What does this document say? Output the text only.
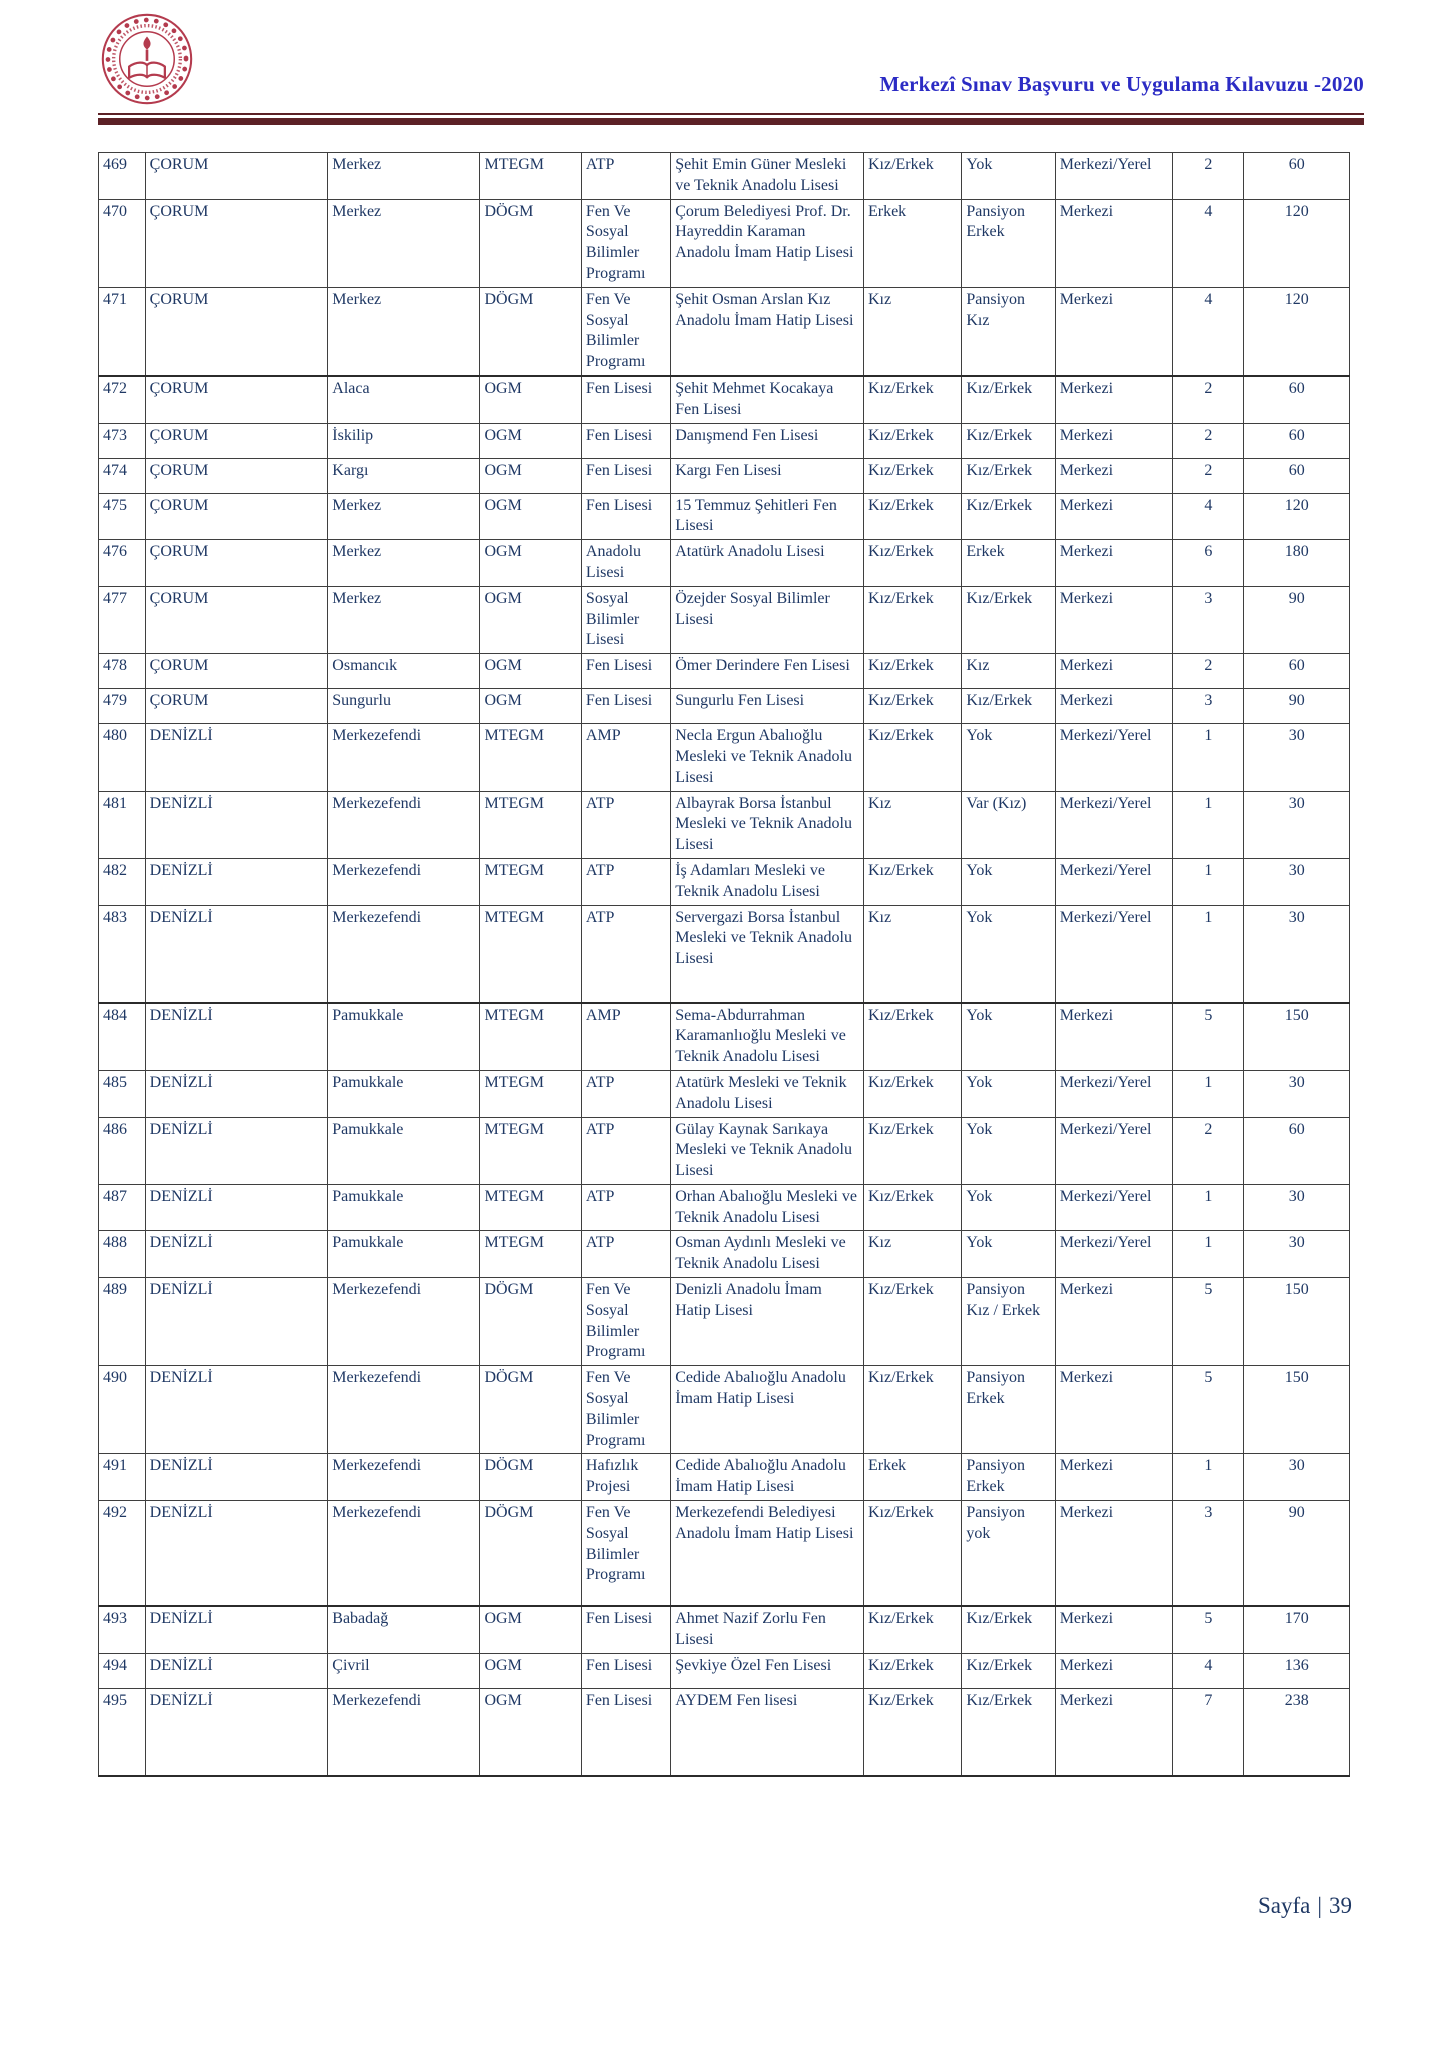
Merkezî Sınav Başvuru ve Uygulama Kılavuzu -2020
469	ÇORUM	Merkez	MTEGM	ATP	Şehit Emin Güner Mesleki ve Teknik Anadolu Lisesi	Kız/Erkek	Yok	Merkezi/Yerel	2	60
470	ÇORUM	Merkez	DÖGM	Fen Ve Sosyal Bilimler Programı	Çorum Belediyesi Prof. Dr. Hayreddin Karaman Anadolu İmam Hatip Lisesi	Erkek	Pansiyon Erkek	Merkezi	4	120
471	ÇORUM	Merkez	DÖGM	Fen Ve Sosyal Bilimler Programı	Şehit Osman Arslan Kız Anadolu İmam Hatip Lisesi	Kız	Pansiyon Kız	Merkezi	4	120
472	ÇORUM	Alaca	OGM	Fen Lisesi	Şehit Mehmet Kocakaya Fen Lisesi	Kız/Erkek	Kız/Erkek	Merkezi	2	60
473	ÇORUM	İskilip	OGM	Fen Lisesi	Danışmend Fen Lisesi	Kız/Erkek	Kız/Erkek	Merkezi	2	60
474	ÇORUM	Kargı	OGM	Fen Lisesi	Kargı Fen Lisesi	Kız/Erkek	Kız/Erkek	Merkezi	2	60
475	ÇORUM	Merkez	OGM	Fen Lisesi	15 Temmuz Şehitleri Fen Lisesi	Kız/Erkek	Kız/Erkek	Merkezi	4	120
476	ÇORUM	Merkez	OGM	Anadolu Lisesi	Atatürk Anadolu Lisesi	Kız/Erkek	Erkek	Merkezi	6	180
477	ÇORUM	Merkez	OGM	Sosyal Bilimler Lisesi	Özejder Sosyal Bilimler Lisesi	Kız/Erkek	Kız/Erkek	Merkezi	3	90
478	ÇORUM	Osmancık	OGM	Fen Lisesi	Ömer Derindere Fen Lisesi	Kız/Erkek	Kız	Merkezi	2	60
479	ÇORUM	Sungurlu	OGM	Fen Lisesi	Sungurlu Fen Lisesi	Kız/Erkek	Kız/Erkek	Merkezi	3	90
480	DENİZLİ	Merkezefendi	MTEGM	AMP	Necla Ergun Abalıoğlu Mesleki ve Teknik Anadolu Lisesi	Kız/Erkek	Yok	Merkezi/Yerel	1	30
481	DENİZLİ	Merkezefendi	MTEGM	ATP	Albayrak Borsa İstanbul Mesleki ve Teknik Anadolu Lisesi	Kız	Var (Kız)	Merkezi/Yerel	1	30
482	DENİZLİ	Merkezefendi	MTEGM	ATP	İş Adamları Mesleki ve Teknik Anadolu Lisesi	Kız/Erkek	Yok	Merkezi/Yerel	1	30
483	DENİZLİ	Merkezefendi	MTEGM	ATP	Servergazi Borsa İstanbul Mesleki ve Teknik Anadolu Lisesi	Kız	Yok	Merkezi/Yerel	1	30
484	DENİZLİ	Pamukkale	MTEGM	AMP	Sema-Abdurrahman Karamanlıoğlu Mesleki ve Teknik Anadolu Lisesi	Kız/Erkek	Yok	Merkezi	5	150
485	DENİZLİ	Pamukkale	MTEGM	ATP	Atatürk Mesleki ve Teknik Anadolu Lisesi	Kız/Erkek	Yok	Merkezi/Yerel	1	30
486	DENİZLİ	Pamukkale	MTEGM	ATP	Gülay Kaynak Sarıkaya Mesleki ve Teknik Anadolu Lisesi	Kız/Erkek	Yok	Merkezi/Yerel	2	60
487	DENİZLİ	Pamukkale	MTEGM	ATP	Orhan Abalıoğlu Mesleki ve Teknik Anadolu Lisesi	Kız/Erkek	Yok	Merkezi/Yerel	1	30
488	DENİZLİ	Pamukkale	MTEGM	ATP	Osman Aydınlı Mesleki ve Teknik Anadolu Lisesi	Kız	Yok	Merkezi/Yerel	1	30
489	DENİZLİ	Merkezefendi	DÖGM	Fen Ve Sosyal Bilimler Programı	Denizli Anadolu İmam Hatip Lisesi	Kız/Erkek	Pansiyon Kız / Erkek	Merkezi	5	150
490	DENİZLİ	Merkezefendi	DÖGM	Fen Ve Sosyal Bilimler Programı	Cedide Abalıoğlu Anadolu İmam Hatip Lisesi	Kız/Erkek	Pansiyon Erkek	Merkezi	5	150
491	DENİZLİ	Merkezefendi	DÖGM	Hafızlık Projesi	Cedide Abalıoğlu Anadolu İmam Hatip Lisesi	Erkek	Pansiyon Erkek	Merkezi	1	30
492	DENİZLİ	Merkezefendi	DÖGM	Fen Ve Sosyal Bilimler Programı	Merkezefendi Belediyesi Anadolu İmam Hatip Lisesi	Kız/Erkek	Pansiyon yok	Merkezi	3	90
493	DENİZLİ	Babadağ	OGM	Fen Lisesi	Ahmet Nazif Zorlu Fen Lisesi	Kız/Erkek	Kız/Erkek	Merkezi	5	170
494	DENİZLİ	Çivril	OGM	Fen Lisesi	Şevkiye Özel Fen Lisesi	Kız/Erkek	Kız/Erkek	Merkezi	4	136
495	DENİZLİ	Merkezefendi	OGM	Fen Lisesi	AYDEM Fen lisesi	Kız/Erkek	Kız/Erkek	Merkezi	7	238
Sayfa | 39
